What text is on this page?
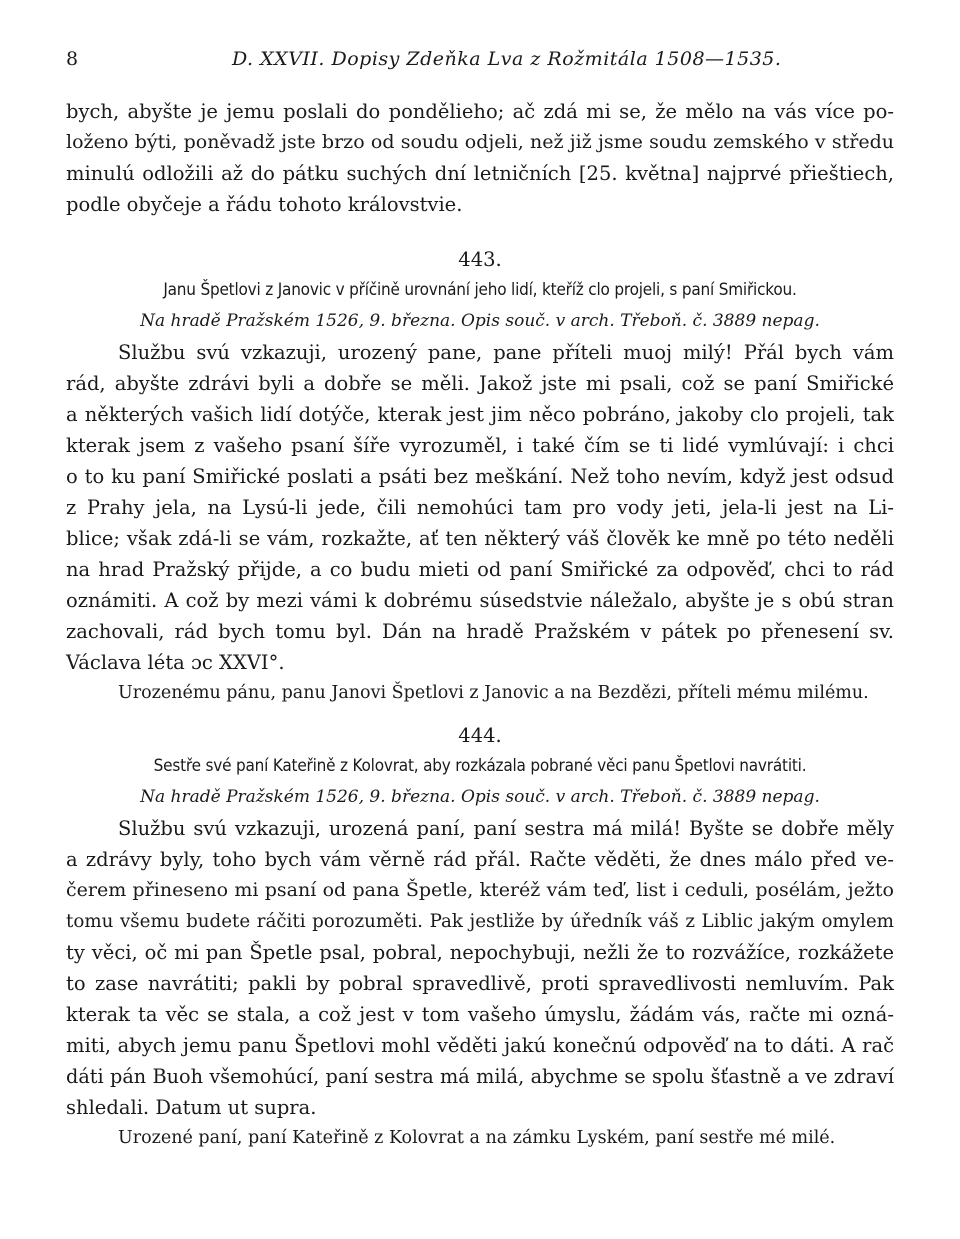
8	D. XXVII. Dopisy Zdeňka Lva z Rožmitála 1508—1535.
bych, abyšte je jemu poslali do pondělieho; ač zdá mi se, že mělo na vás více po-
loženo býti, poněvadž jste brzo od soudu odjeli, než již jsme soudu zemského v středu
minulú odložili až do pátku suchých dní letničních [25. května] najprvé přieštiech,
podle obyčeje a řádu tohoto královstvie.
443.
Janu Špetlovi z Janovic v příčině urovnání jeho lidí, kteříž clo projeli, s paní Smiřickou.
Na hradě Pražském 1526, 9. března. Opis souč. v arch. Třeboň. č. 3889 nepag.
Službu svú vzkazuji, urozený pane, pane příteli muoj milý! Přál bych vám
rád, abyšte zdrávi byli a dobře se měli. Jakož jste mi psali, což se paní Smiřické
a některých vašich lidí dotýče, kterak jest jim něco pobráno, jakoby clo projeli, tak
kterak jsem z vašeho psaní šíře vyrozuměl, i také čím se ti lidé vymlúvají: i chci
o to ku paní Smiřické poslati a psáti bez meškání. Než toho nevím, když jest odsud
z Prahy jela, na Lysú-li jede, čili nemohúci tam pro vody jeti, jela-li jest na Li-
blice; však zdá-li se vám, rozkažte, ať ten některý váš člověk ke mně po této neděli
na hrad Pražský přijde, a co budu mieti od paní Smiřické za odpověď, chci to rád
oznámiti. A což by mezi vámi k dobrému súsedstvie náležalo, abyšte je s obú stran
zachovali, rád bych tomu byl. Dán na hradě Pražském v pátek po přenesení sv.
Václava léta ɔc XXVI°.
Urozenému pánu, panu Janovi Špetlovi z Janovic a na Bezdězi, příteli mému milému.
444.
Sestře své paní Kateřině z Kolovrat, aby rozkázala pobrané věci panu Špetlovi navrátiti.
Na hradě Pražském 1526, 9. března. Opis souč. v arch. Třeboň. č. 3889 nepag.
Službu svú vzkazuji, urozená paní, paní sestra má milá! Byšte se dobře měly
a zdrávy byly, toho bych vám věrně rád přál. Račte věděti, že dnes málo před ve-
čerem přineseno mi psaní od pana Špetle, kteréž vám teď, list i ceduli, posélám, ježto
tomu všemu budete ráčiti porozuměti. Pak jestliže by úředník váš z Liblic jakým omylem
ty věci, oč mi pan Špetle psal, pobral, nepochybuji, nežli že to rozvážíce, rozkážete
to zase navrátiti; pakli by pobral spravedlivě, proti spravedlivosti nemluvím. Pak
kterak ta věc se stala, a což jest v tom vašeho úmyslu, žádám vás, račte mi ozná-
miti, abych jemu panu Špetlovi mohl věděti jakú konečnú odpověď na to dáti. A rač
dáti pán Buoh všemohúcí, paní sestra má milá, abychme se spolu šťastně a ve zdraví
shledali. Datum ut supra.
Urozené paní, paní Kateřině z Kolovrat a na zámku Lyském, paní sestře mé milé.
